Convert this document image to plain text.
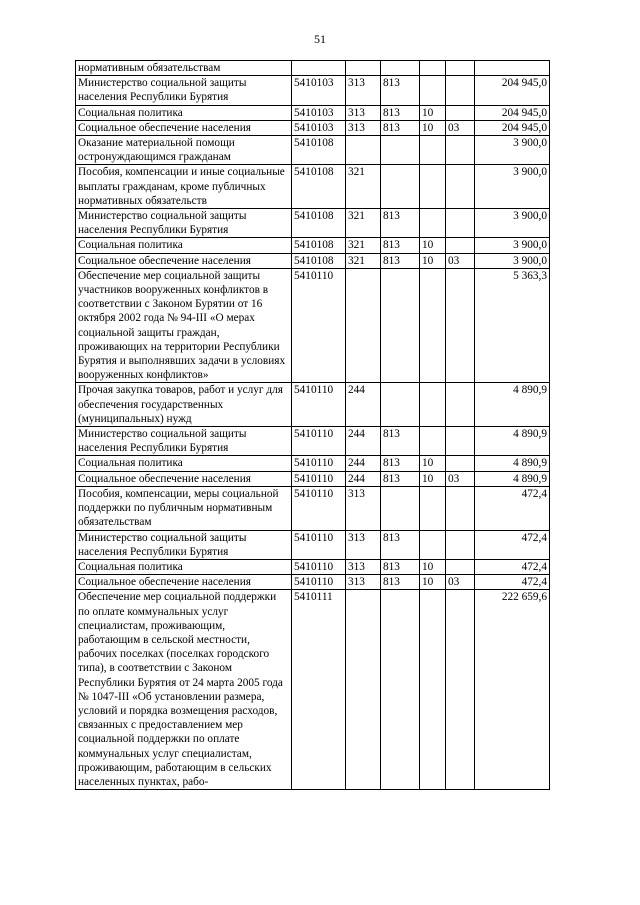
51
нормативным обязательствам						
Министерство социальной защиты населения Республики Бурятия	5410103	313	813			204 945,0
Социальная политика	5410103	313	813	10		204 945,0
Социальное обеспечение населения	5410103	313	813	10	03	204 945,0
Оказание материальной помощи остронуждающимся гражданам	5410108					3 900,0
Пособия, компенсации и иные социальные выплаты гражданам, кроме публичных нормативных обязательств	5410108	321				3 900,0
Министерство социальной защиты населения Республики Бурятия	5410108	321	813			3 900,0
Социальная политика	5410108	321	813	10		3 900,0
Социальное обеспечение населения	5410108	321	813	10	03	3 900,0
Обеспечение мер социальной защиты участников вооруженных конфликтов в соответствии с Законом Бурятии от 16 октября 2002 года № 94-III «О мерах социальной защиты граждан, проживающих на территории Республики Бурятия и выполнявших задачи в условиях вооруженных конфликтов»	5410110					5 363,3
Прочая закупка товаров, работ и услуг для обеспечения государственных (муниципальных) нужд	5410110	244				4 890,9
Министерство социальной защиты населения Республики Бурятия	5410110	244	813			4 890,9
Социальная политика	5410110	244	813	10		4 890,9
Социальное обеспечение населения	5410110	244	813	10	03	4 890,9
Пособия, компенсации, меры социальной поддержки по публичным нормативным обязательствам	5410110	313				472,4
Министерство социальной защиты населения Республики Бурятия	5410110	313	813			472,4
Социальная политика	5410110	313	813	10		472,4
Социальное обеспечение населения	5410110	313	813	10	03	472,4
Обеспечение мер социальной поддержки по оплате коммунальных услуг специалистам, проживающим, работающим в сельской местности, рабочих поселках (поселках городского типа), в соответствии с Законом Республики Бурятия от 24 марта 2005 года № 1047-III «Об установлении размера, условий и порядка возмещения расходов, связанных с предоставлением мер социальной поддержки по оплате коммунальных услуг специалистам, проживающим, работающим в сельских населенных пунктах, рабо-	5410111					222 659,6
